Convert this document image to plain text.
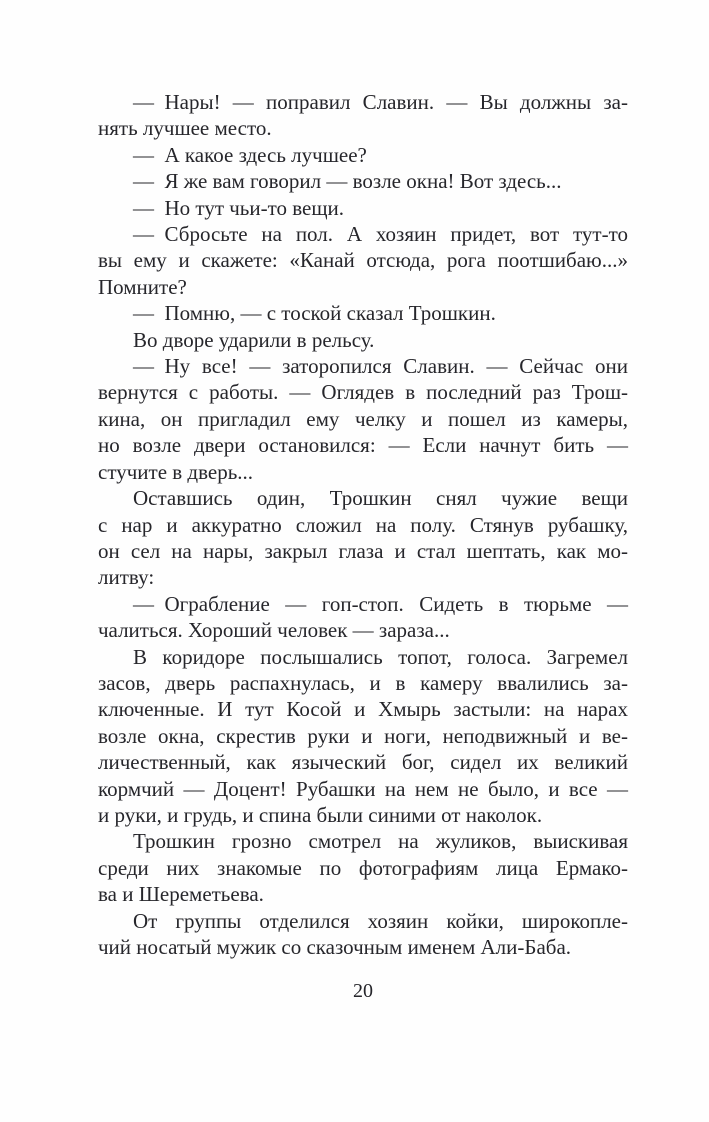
— Нары! — поправил Славин. — Вы должны за-
нять лучшее место.
— А какое здесь лучшее?
— Я же вам говорил — возле окна! Вот здесь...
— Но тут чьи-то вещи.
— Сбросьте на пол. А хозяин придет, вот тут-то
вы ему и скажете: «Канай отсюда, рога поотшибаю...»
Помните?
— Помню, — с тоской сказал Трошкин.
Во дворе ударили в рельсу.
— Ну все! — заторопился Славин. — Сейчас они
вернутся с работы. — Оглядев в последний раз Трош-
кина, он пригладил ему челку и пошел из камеры,
но возле двери остановился: — Если начнут бить —
стучите в дверь...
Оставшись один, Трошкин снял чужие вещи
с нар и аккуратно сложил на полу. Стянув рубашку,
он сел на нары, закрыл глаза и стал шептать, как мо-
литву:
— Ограбление — гоп-стоп. Сидеть в тюрьме —
чалиться. Хороший человек — зараза...
В коридоре послышались топот, голоса. Загремел
засов, дверь распахнулась, и в камеру ввалились за-
ключенные. И тут Косой и Хмырь застыли: на нарах
возле окна, скрестив руки и ноги, неподвижный и ве-
личественный, как языческий бог, сидел их великий
кормчий — Доцент! Рубашки на нем не было, и все —
и руки, и грудь, и спина были синими от наколок.
Трошкин грозно смотрел на жуликов, выискивая
среди них знакомые по фотографиям лица Ермако-
ва и Шереметьева.
От группы отделился хозяин койки, широкопле-
чий носатый мужик со сказочным именем Али-Баба.
20
